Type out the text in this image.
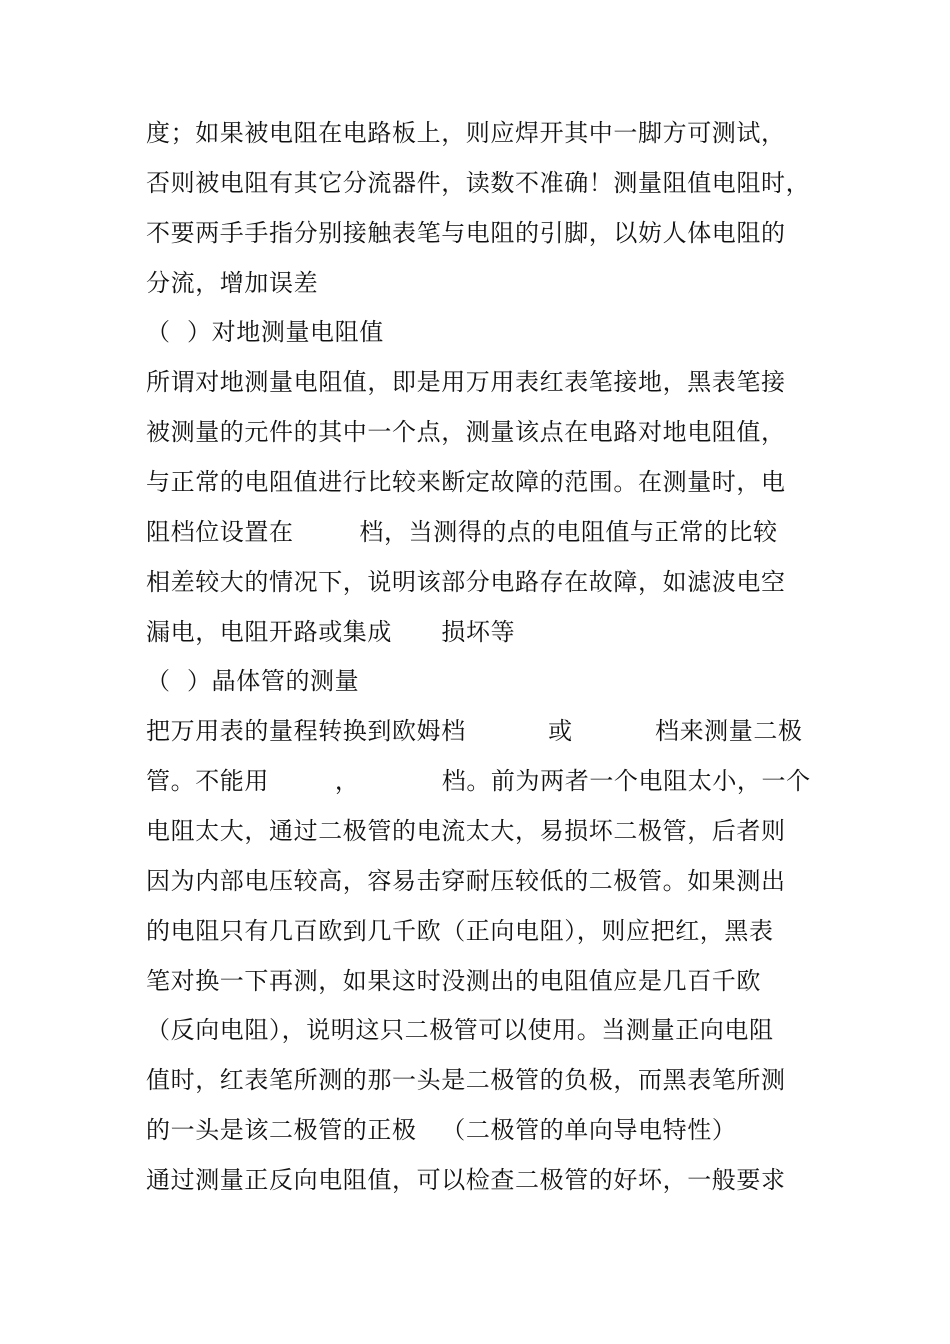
度；如果被电阻在电路板上，则应焊开其中一脚方可测试，
否则被电阻有其它分流器件，读数不准确！测量阻值电阻时，
不要两手手指分别接触表笔与电阻的引脚，以妨人体电阻的
分流，增加误差
（  ）对地测量电阻值
所谓对地测量电阻值，即是用万用表红表笔接地，黑表笔接
被测量的元件的其中一个点，测量该点在电路对地电阻值，
与正常的电阻值进行比较来断定故障的范围。在测量时，电
阻档位设置在        档，当测得的点的电阻值与正常的比较
相差较大的情况下，说明该部分电路存在故障，如滤波电空
漏电，电阻开路或集成      损坏等
（  ）晶体管的测量
把万用表的量程转换到欧姆档          或          档来测量二极
管。不能用        ，          档。前为两者一个电阻太小，一个
电阻太大，通过二极管的电流太大，易损坏二极管，后者则
因为内部电压较高，容易击穿耐压较低的二极管。如果测出
的电阻只有几百欧到几千欧（正向电阻），则应把红，黑表
笔对换一下再测，如果这时没测出的电阻值应是几百千欧
（反向电阻），说明这只二极管可以使用。当测量正向电阻
值时，红表笔所测的那一头是二极管的负极，而黑表笔所测
的一头是该二极管的正极   （二极管的单向导电特性）
通过测量正反向电阻值，可以检查二极管的好坏，一般要求
